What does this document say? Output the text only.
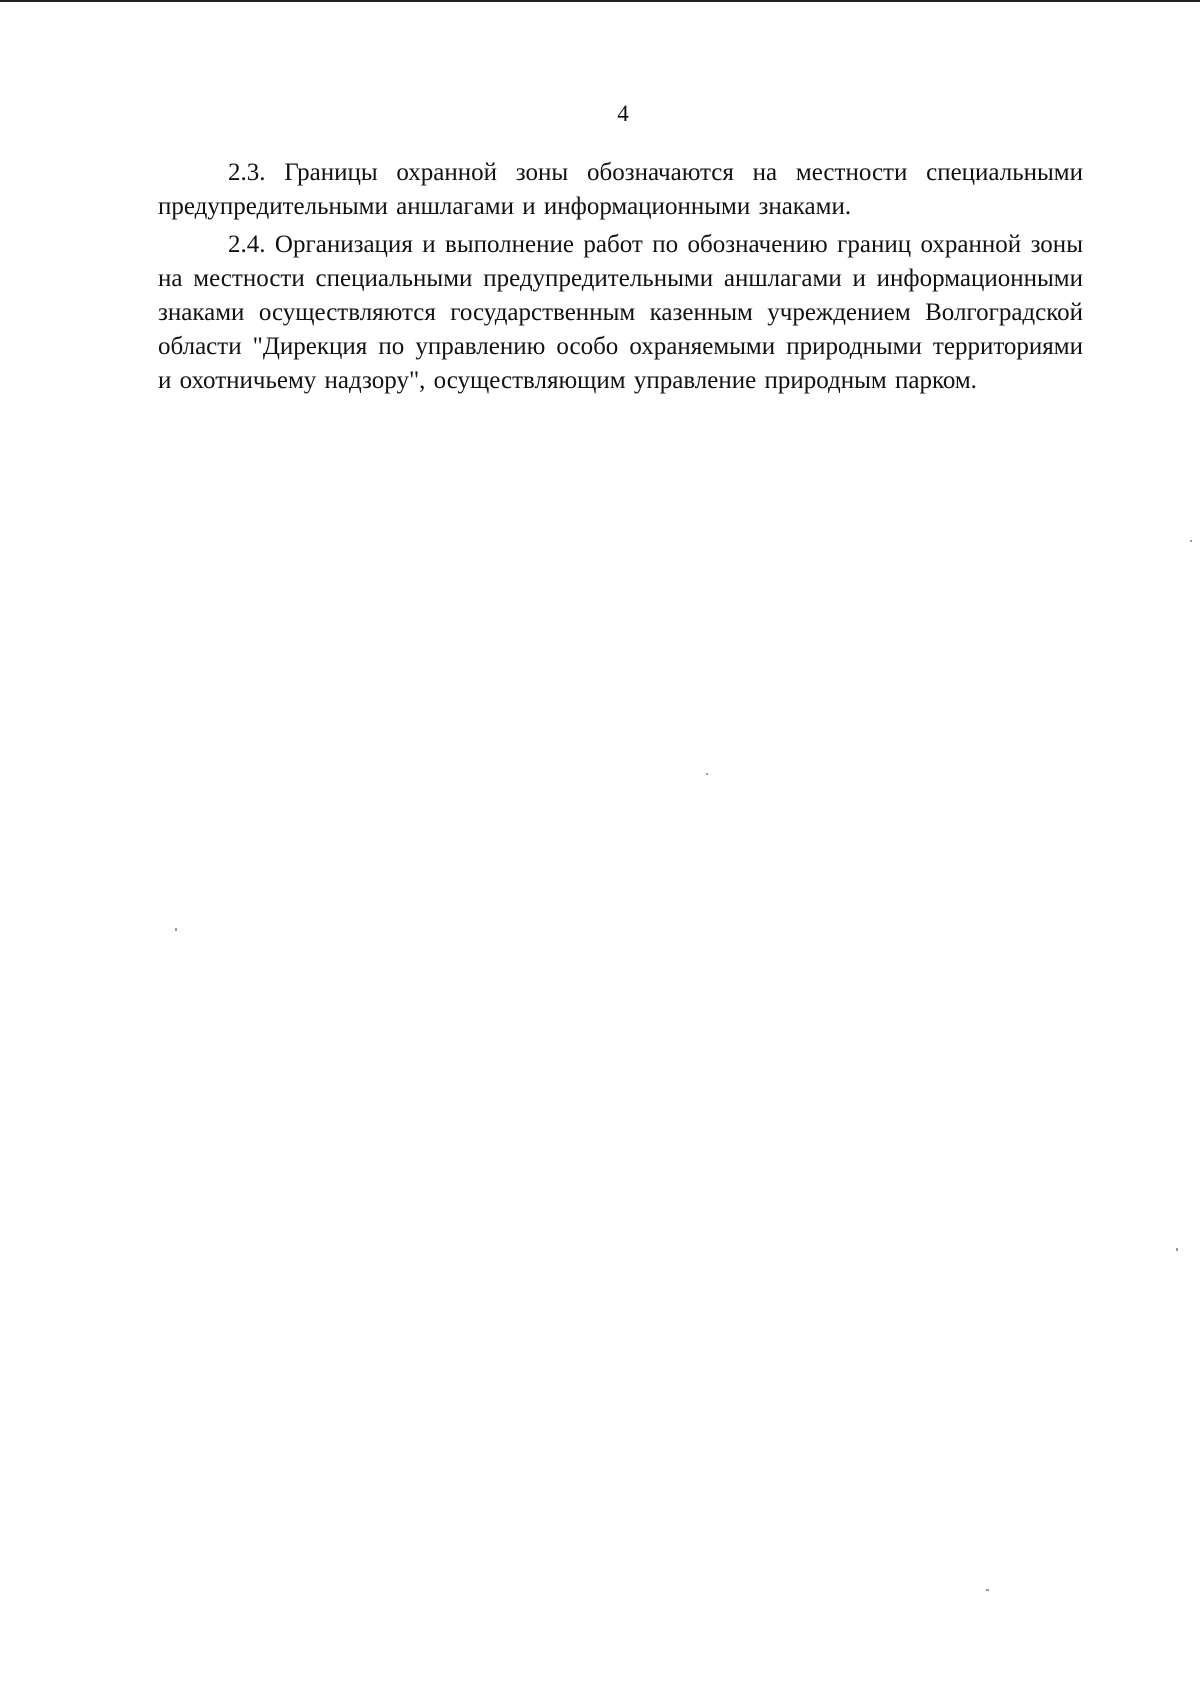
4

2.3. Границы охранной зоны обозначаются на местности специальными предупредительными аншлагами и информационными знаками.

2.4. Организация и выполнение работ по обозначению границ охранной зоны на местности специальными предупредительными аншлагами и информационными знаками осуществляются государственным казенным учреждением Волгоградской области "Дирекция по управлению особо охраняемыми природными территориями и охотничьему надзору", осуществляющим управление природным парком.
